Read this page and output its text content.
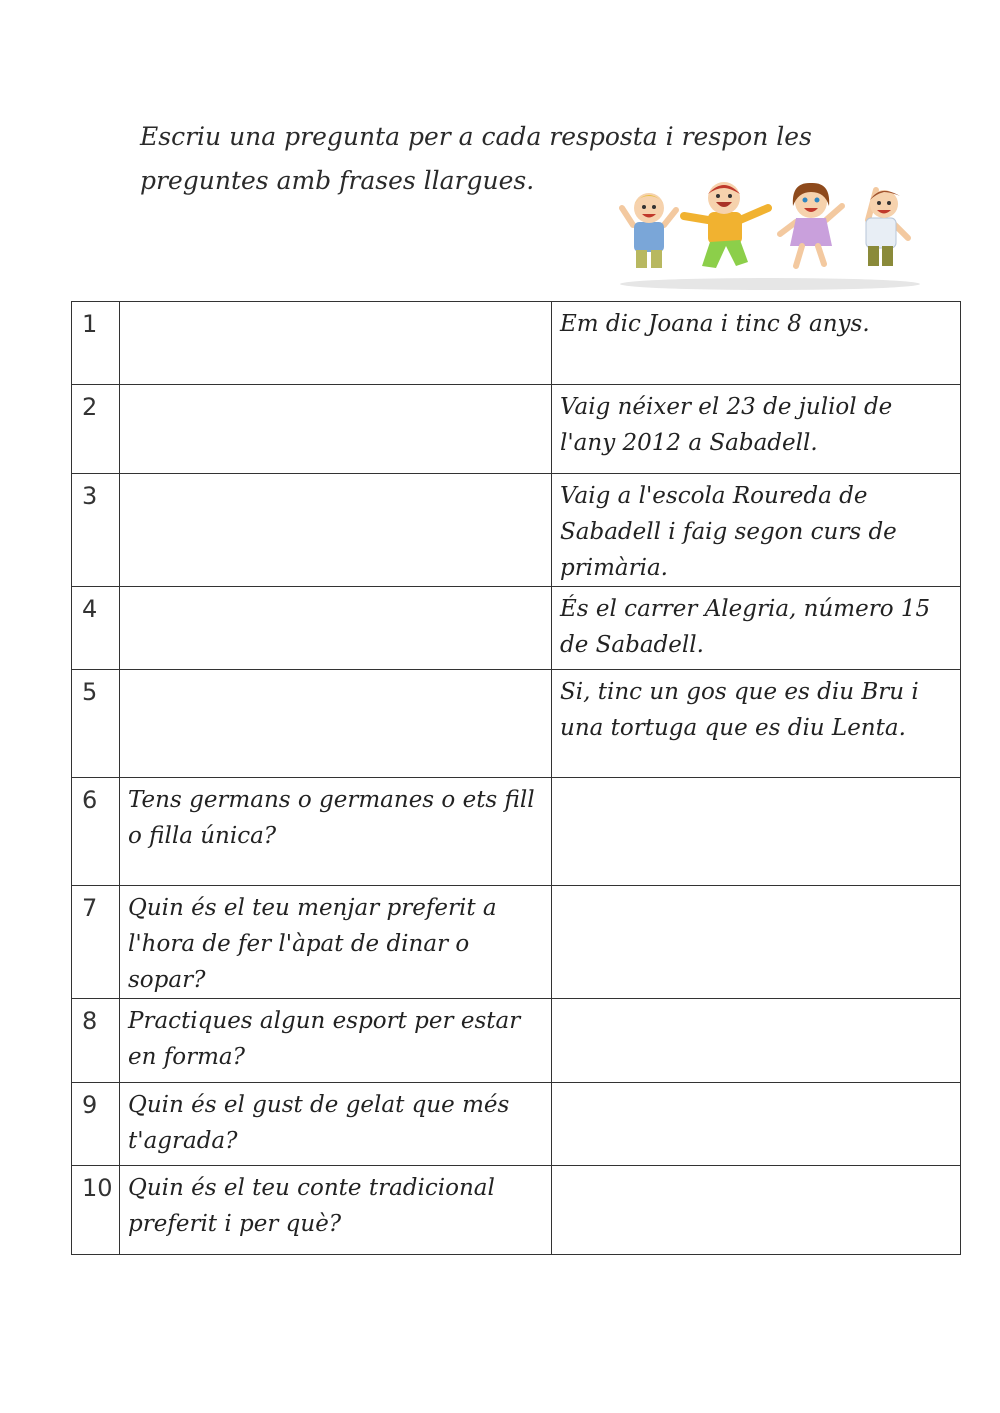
Escriu una pregunta per a cada resposta i respon les preguntes amb frases llargues.
1		Em dic Joana i tinc 8 anys.
2		Vaig néixer el 23 de juliol de l'any 2012 a Sabadell.
3		Vaig a l'escola Roureda de Sabadell i faig segon curs de primària.
4		És el carrer Alegria, número 15 de Sabadell.
5		Si, tinc un gos que es diu Bru i una tortuga que es diu Lenta.
6	Tens germans o germanes o ets fill o filla única?	
7	Quin és el teu menjar preferit a l'hora de fer l'àpat de dinar o sopar?	
8	Practiques algun esport per estar en forma?	
9	Quin és el gust de gelat que més t'agrada?	
10	Quin és el teu conte tradicional preferit i per què?	
